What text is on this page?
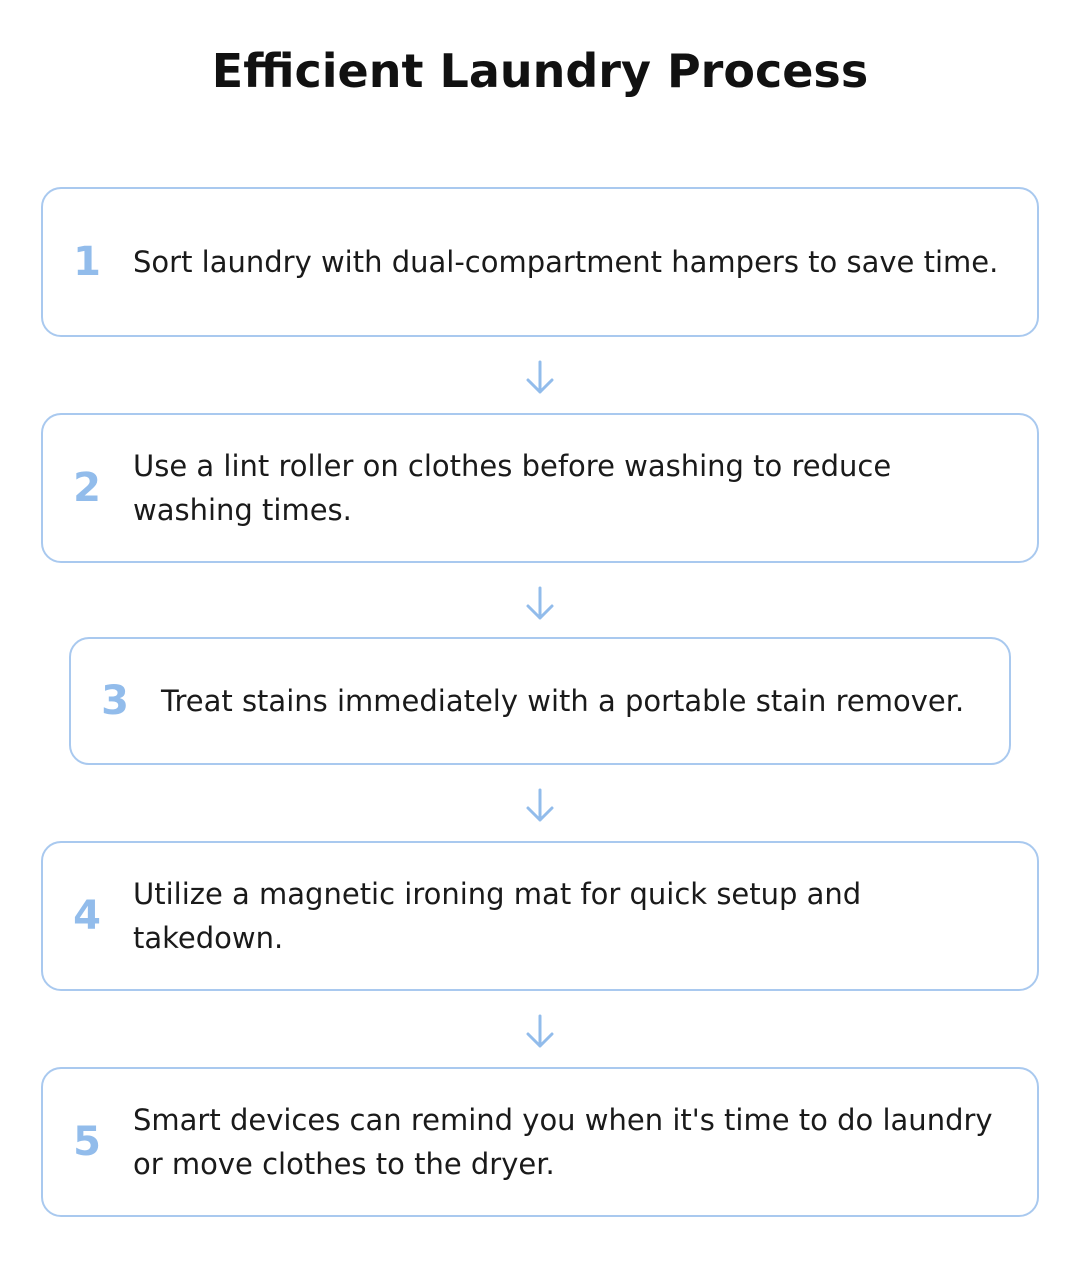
Efficient Laundry Process
1	Sort laundry with dual-compartment hampers to save time.
2	Use a lint roller on clothes before washing to reduce washing times.
3	Treat stains immediately with a portable stain remover.
4	Utilize a magnetic ironing mat for quick setup and takedown.
5	Smart devices can remind you when it's time to do laundry or move clothes to the dryer.
